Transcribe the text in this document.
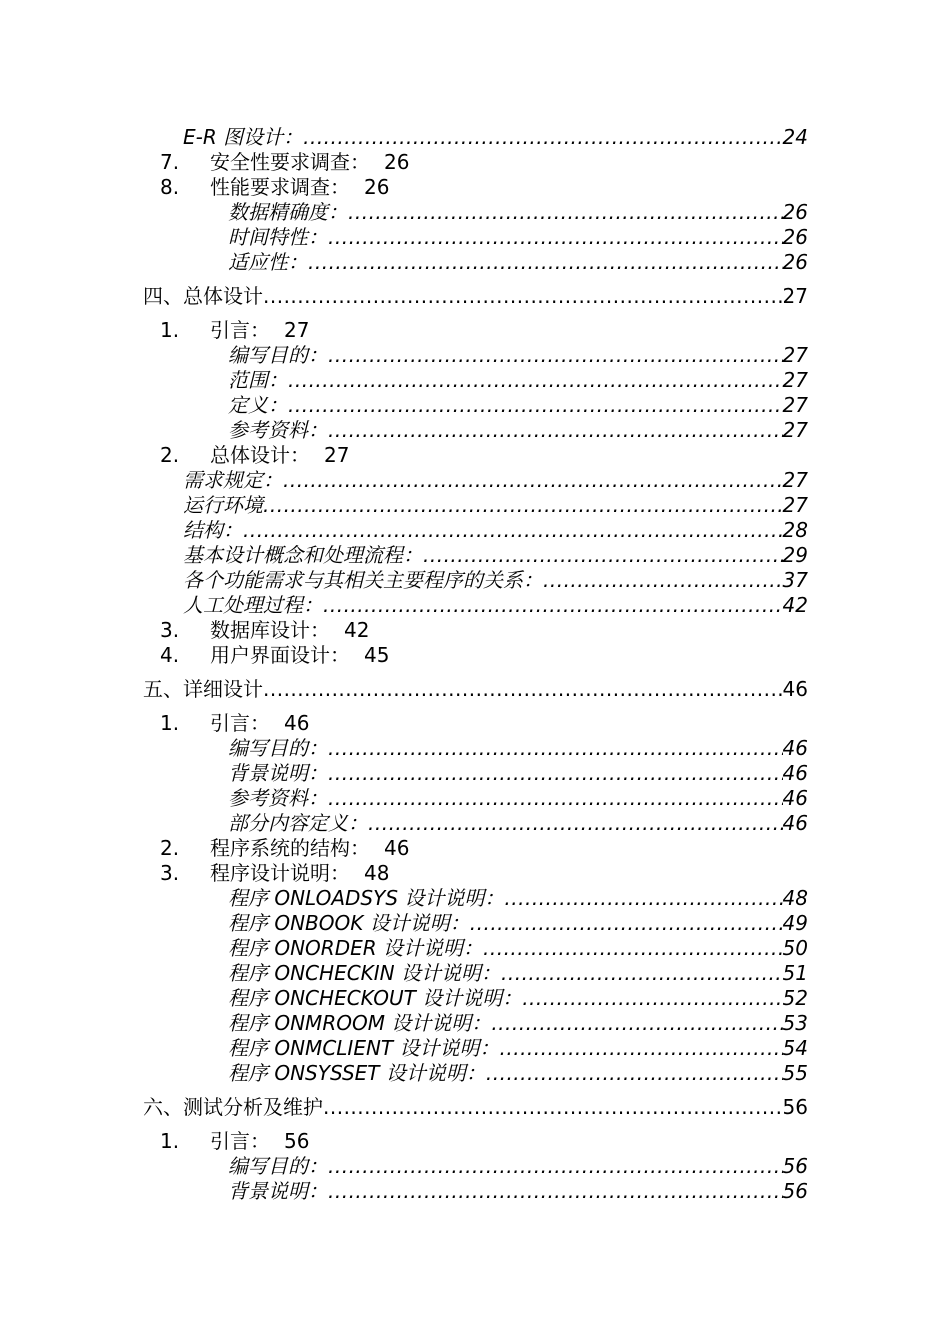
E-R 图设计： .....	24
7. 安全性要求调查： 26
8. 性能要求调查： 26
数据精确度： .....	26
时间特性： .....	26
适应性： .....	26
四、总体设计 .....	27
1. 引言： 27
编写目的： .....	27
范围： .....	27
定义： .....	27
参考资料： .....	27
2. 总体设计： 27
需求规定： .....	27
运行环境 .....	27
结构： .....	28
基本设计概念和处理流程： .....	29
各个功能需求与其相关主要程序的关系： .....	37
人工处理过程： .....	42
3. 数据库设计： 42
4. 用户界面设计： 45
五、详细设计 .....	46
1. 引言： 46
编写目的： .....	46
背景说明： .....	46
参考资料： .....	46
部分内容定义： .....	46
2. 程序系统的结构： 46
3. 程序设计说明： 48
程序 ONLOADSYS 设计说明： .....	48
程序 ONBOOK 设计说明： .....	49
程序 ONORDER 设计说明： .....	50
程序 ONCHECKIN 设计说明： .....	51
程序 ONCHECKOUT 设计说明： .....	52
程序 ONMROOM 设计说明： .....	53
程序 ONMCLIENT 设计说明： .....	54
程序 ONSYSSET 设计说明： .....	55
六、测试分析及维护 .....	56
1. 引言： 56
编写目的： .....	56
背景说明： .....	56
